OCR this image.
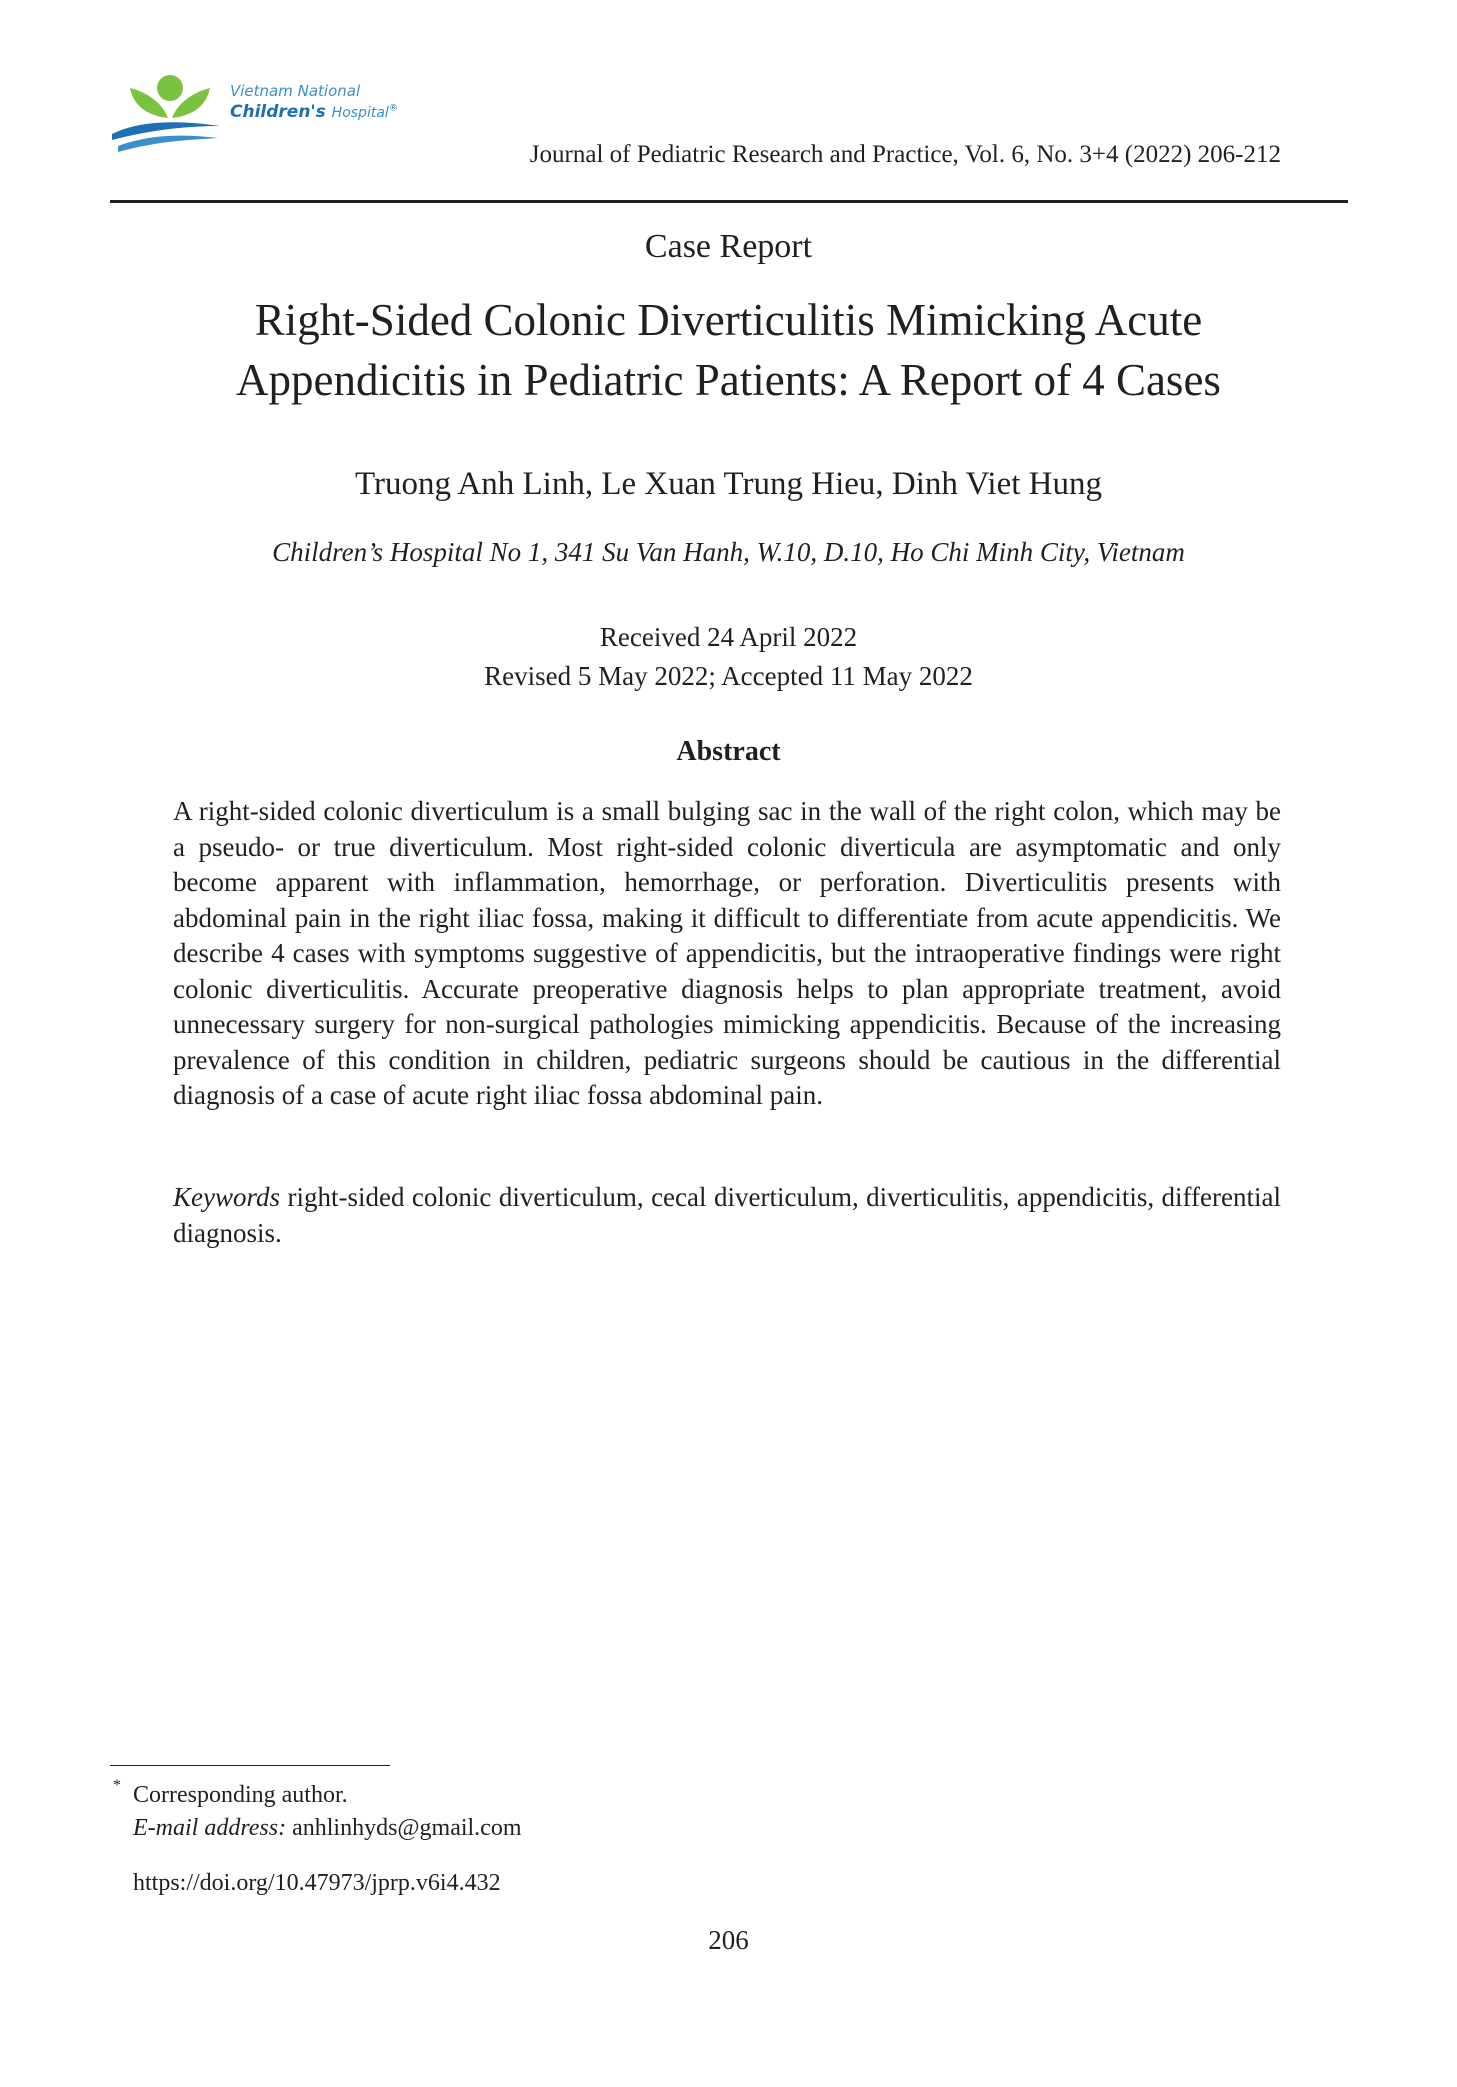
Vietnam National
Children's Hospital®
Journal of Pediatric Research and Practice, Vol. 6, No. 3+4 (2022) 206-212
Case Report
Right-Sided Colonic Diverticulitis Mimicking Acute
Appendicitis in Pediatric Patients: A Report of 4 Cases
Truong Anh Linh, Le Xuan Trung Hieu, Dinh Viet Hung
Children’s Hospital No 1, 341 Su Van Hanh, W.10, D.10, Ho Chi Minh City, Vietnam
Received 24 April 2022
Revised 5 May 2022; Accepted 11 May 2022
Abstract
A right-sided colonic diverticulum is a small bulging sac in the wall of the right colon, which may be a pseudo- or true diverticulum. Most right-sided colonic diverticula are asymptomatic and only become apparent with inflammation, hemorrhage, or perforation. Diverticulitis presents with abdominal pain in the right iliac fossa, making it difficult to differentiate from acute appendicitis. We describe 4 cases with symptoms suggestive of appendicitis, but the intraoperative findings were right colonic diverticulitis. Accurate preoperative diagnosis helps to plan appropriate treatment, avoid unnecessary surgery for non-surgical pathologies mimicking appendicitis. Because of the increasing prevalence of this condition in children, pediatric surgeons should be cautious in the differential diagnosis of a case of acute right iliac fossa abdominal pain.
Keywords right-sided colonic diverticulum, cecal diverticulum, diverticulitis, appendicitis, differential diagnosis.
* Corresponding author.
E-mail address: anhlinhyds@gmail.com
https://doi.org/10.47973/jprp.v6i4.432
206
